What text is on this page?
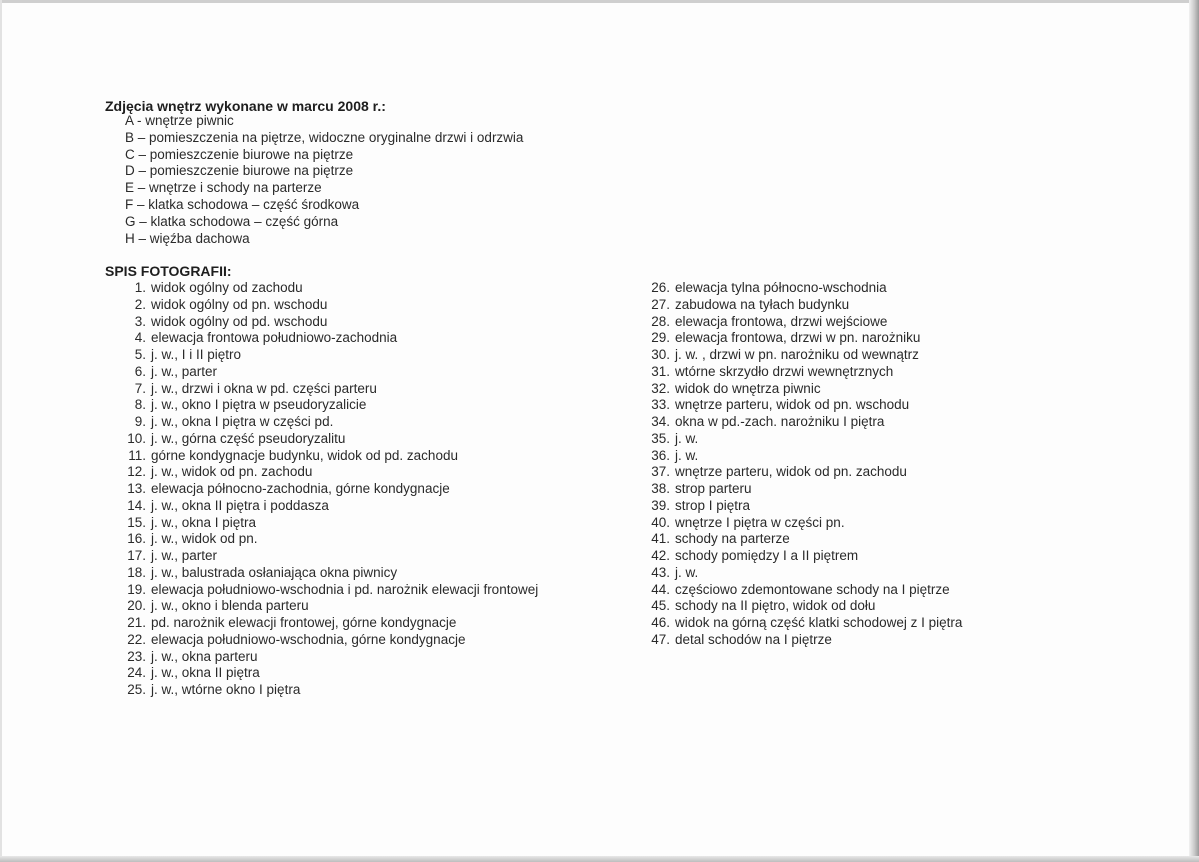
Zdjęcia wnętrz wykonane w marcu 2008 r.:
A - wnętrze piwnic
B – pomieszczenia na piętrze, widoczne oryginalne drzwi i odrzwia
C – pomieszczenie biurowe na piętrze
D – pomieszczenie biurowe na piętrze
E – wnętrze i schody na parterze
F – klatka schodowa – część środkowa
G – klatka schodowa – część górna
H – więźba dachowa
SPIS FOTOGRAFII:
1. widok ogólny od zachodu
2. widok ogólny od pn. wschodu
3. widok ogólny od pd. wschodu
4. elewacja frontowa południowo-zachodnia
5. j. w., I i II piętro
6. j. w., parter
7. j. w., drzwi i okna w pd. części parteru
8. j. w., okno I piętra w pseudoryzalicie
9. j. w., okna I piętra w części pd.
10. j. w., górna część pseudoryzalitu
11. górne kondygnacje budynku, widok od pd. zachodu
12. j. w., widok od pn. zachodu
13. elewacja północno-zachodnia, górne kondygnacje
14. j. w., okna II piętra i poddasza
15. j. w., okna I piętra
16. j. w., widok od pn.
17. j. w., parter
18. j. w., balustrada osłaniająca okna piwnicy
19. elewacja południowo-wschodnia i pd. narożnik elewacji frontowej
20. j. w., okno i blenda parteru
21. pd. narożnik elewacji frontowej, górne kondygnacje
22. elewacja południowo-wschodnia, górne kondygnacje
23. j. w., okna parteru
24. j. w., okna II piętra
25. j. w., wtórne okno I piętra
26. elewacja tylna północno-wschodnia
27. zabudowa na tyłach budynku
28. elewacja frontowa, drzwi wejściowe
29. elewacja frontowa, drzwi w pn. narożniku
30. j. w. , drzwi w pn. narożniku od wewnątrz
31. wtórne skrzydło drzwi wewnętrznych
32. widok do wnętrza piwnic
33. wnętrze parteru, widok od pn. wschodu
34. okna w pd.-zach. narożniku I piętra
35. j. w.
36. j. w.
37. wnętrze parteru, widok od pn. zachodu
38. strop parteru
39. strop I piętra
40. wnętrze I piętra w części pn.
41. schody na parterze
42. schody pomiędzy I a II piętrem
43. j. w.
44. częściowo zdemontowane schody na I piętrze
45. schody na II piętro, widok od dołu
46. widok na górną część klatki schodowej z I piętra
47. detal schodów na I piętrze
